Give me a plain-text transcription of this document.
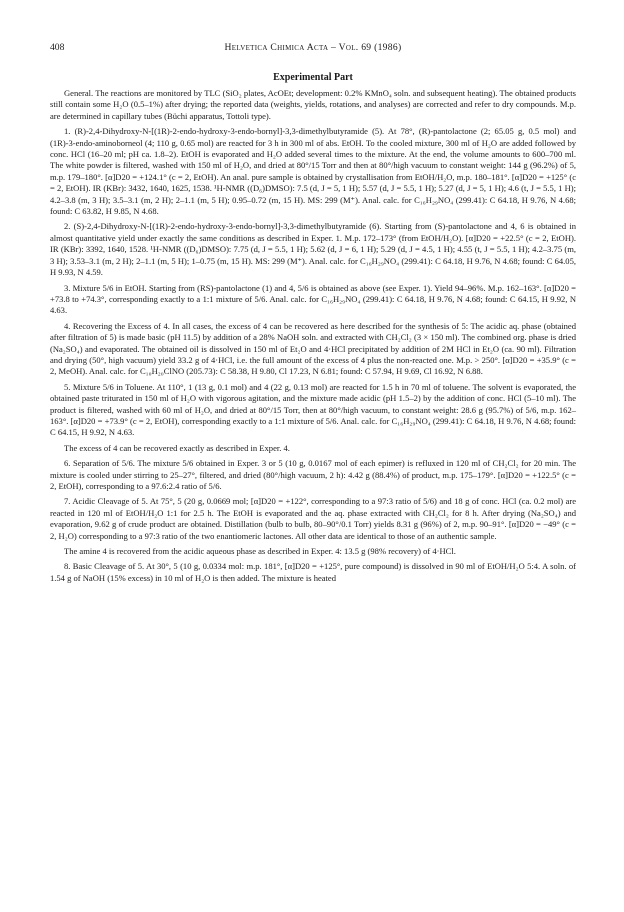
408	Helvetica Chimica Acta – Vol. 69 (1986)
Experimental Part

General. The reactions are monitored by TLC (SiO₂ plates, AcOEt; development: 0.2% KMnO₄ soln. and subsequent heating). The obtained products still contain some H₂O (0.5–1%) after drying; the reported data (weights, yields, rotations, and analyses) are corrected and refer to dry compounds. M.p. are determined in capillary tubes (Büchi apparatus, Tottoli type).

1. (R)-2,4-Dihydroxy-N-[(1R)-2-endo-hydroxy-3-endo-bornyl]-3,3-dimethylbutyramide (5). At 78°, (R)-pantolactone (2; 65.05 g, 0.5 mol) and (1R)-3-endo-aminoborneol (4; 110 g, 0.65 mol) are reacted for 3 h in 300 ml of abs. EtOH. To the cooled mixture, 300 ml of H₂O are added followed by conc. HCl (16–20 ml; pH ca. 1.8–2). EtOH is evaporated and H₂O added several times to the mixture. At the end, the volume amounts to 600–700 ml. The white powder is filtered, washed with 150 ml of H₂O, and dried at 80°/15 Torr and then at 80°/high vacuum to constant weight: 144 g (96.2%) of 5, m.p. 179–180°. [α]D20 = +124.1° (c = 2, EtOH). An anal. pure sample is obtained by crystallisation from EtOH/H₂O, m.p. 180–181°. [α]D20 = +125° (c = 2, EtOH). IR (KBr): 3432, 1640, 1625, 1538. ¹H-NMR ((D₆)DMSO): 7.5 (d, J = 5, 1 H); 5.57 (d, J = 5.5, 1 H); 5.27 (d, J = 5, 1 H); 4.6 (t, J = 5.5, 1 H); 4.2–3.8 (m, 3 H); 3.5–3.1 (m, 2 H); 2–1.1 (m, 5 H); 0.95–0.72 (m, 15 H). MS: 299 (M⁺). Anal. calc. for C₁₆H₂₉NO₄ (299.41): C 64.18, H 9.76, N 4.68; found: C 63.82, H 9.85, N 4.68.

2. (S)-2,4-Dihydroxy-N-[(1R)-2-endo-hydroxy-3-endo-bornyl]-3,3-dimethylbutyramide (6). Starting from (S)-pantolactone and 4, 6 is obtained in almost quantitative yield under exactly the same conditions as described in Exper. 1. M.p. 172–173° (from EtOH/H₂O). [α]D20 = +22.5° (c = 2, EtOH). IR (KBr): 3392, 1640, 1528. ¹H-NMR ((D₆)DMSO): 7.75 (d, J = 5.5, 1 H); 5.62 (d, J = 6, 1 H); 5.29 (d, J = 4.5, 1 H); 4.55 (t, J = 5.5, 1 H); 4.2–3.75 (m, 3 H); 3.53–3.1 (m, 2 H); 2–1.1 (m, 5 H); 1–0.75 (m, 15 H). MS: 299 (M⁺). Anal. calc. for C₁₆H₂₉NO₄ (299.41): C 64.18, H 9.76, N 4.68; found: C 64.05, H 9.93, N 4.59.

3. Mixture 5/6 in EtOH. Starting from (RS)-pantolactone (1) and 4, 5/6 is obtained as above (see Exper. 1). Yield 94–96%. M.p. 162–163°. [α]D20 = +73.8 to +74.3°, corresponding exactly to a 1:1 mixture of 5/6. Anal. calc. for C₁₆H₂₉NO₄ (299.41): C 64.18, H 9.76, N 4.68; found: C 64.15, H 9.92, N 4.63.

4. Recovering the Excess of 4. In all cases, the excess of 4 can be recovered as here described for the synthesis of 5: The acidic aq. phase (obtained after filtration of 5) is made basic (pH 11.5) by addition of a 28% NaOH soln. and extracted with CH₂Cl₂ (3 × 150 ml). The combined org. phase is dried (Na₂SO₄) and evaporated. The obtained oil is dissolved in 150 ml of Et₂O and 4·HCl precipitated by addition of 2M HCl in Et₂O (ca. 90 ml). Filtration and drying (50°, high vacuum) yield 33.2 g of 4·HCl, i.e. the full amount of the excess of 4 plus the non-reacted one. M.p. > 250°. [α]D20 = +35.9° (c = 2, MeOH). Anal. calc. for C₁₀H₂₀ClNO (205.73): C 58.38, H 9.80, Cl 17.23, N 6.81; found: C 57.94, H 9.69, Cl 16.92, N 6.88.

5. Mixture 5/6 in Toluene. At 110°, 1 (13 g, 0.1 mol) and 4 (22 g, 0.13 mol) are reacted for 1.5 h in 70 ml of toluene. The solvent is evaporated, the obtained paste triturated in 150 ml of H₂O with vigorous agitation, and the mixture made acidic (pH 1.5–2) by the addition of conc. HCl (5–10 ml). The product is filtered, washed with 60 ml of H₂O, and dried at 80°/15 Torr, then at 80°/high vacuum, to constant weight: 28.6 g (95.7%) of 5/6, m.p. 162–163°. [α]D20 = +73.9° (c = 2, EtOH), corresponding exactly to a 1:1 mixture of 5/6. Anal. calc. for C₁₆H₂₉NO₄ (299.41): C 64.18, H 9.76, N 4.68; found: C 64.15, H 9.92, N 4.63.

The excess of 4 can be recovered exactly as described in Exper. 4.

6. Separation of 5/6. The mixture 5/6 obtained in Exper. 3 or 5 (10 g, 0.0167 mol of each epimer) is refluxed in 120 ml of CH₂Cl₂ for 20 min. The mixture is cooled under stirring to 25–27°, filtered, and dried (80°/high vacuum, 2 h): 4.42 g (88.4%) of product, m.p. 175–179°. [α]D20 = +122.5° (c = 2, EtOH), corresponding to a 97.6:2.4 ratio of 5/6.

7. Acidic Cleavage of 5. At 75°, 5 (20 g, 0.0669 mol; [α]D20 = +122°, corresponding to a 97:3 ratio of 5/6) and 18 g of conc. HCl (ca. 0.2 mol) are reacted in 120 ml of EtOH/H₂O 1:1 for 2.5 h. The EtOH is evaporated and the aq. phase extracted with CH₂Cl₂ for 8 h. After drying (Na₂SO₄) and evaporation, 9.62 g of crude product are obtained. Distillation (bulb to bulb, 80–90°/0.1 Torr) yields 8.31 g (96%) of 2, m.p. 90–91°. [α]D20 = −49° (c = 2, H₂O) corresponding to a 97:3 ratio of the two enantiomeric lactones. All other data are identical to those of an authentic sample.

The amine 4 is recovered from the acidic aqueous phase as described in Exper. 4: 13.5 g (98% recovery) of 4·HCl.

8. Basic Cleavage of 5. At 30°, 5 (10 g, 0.0334 mol: m.p. 181°, [α]D20 = +125°, pure compound) is dissolved in 90 ml of EtOH/H₂O 5:4. A soln. of 1.54 g of NaOH (15% excess) in 10 ml of H₂O is then added. The mixture is heated
